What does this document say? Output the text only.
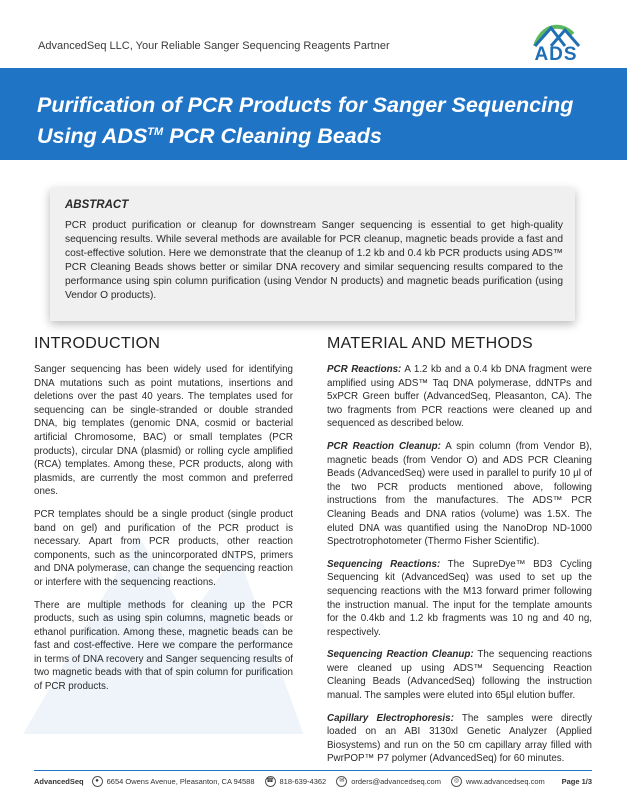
AdvancedSeq LLC, Your Reliable Sanger Sequencing Reagents Partner	ADS
Purification of PCR Products for Sanger Sequencing
Using ADS™ PCR Cleaning Beads
ABSTRACT

PCR product purification or cleanup for downstream Sanger sequencing is essential to get high-quality sequencing results. While several methods are available for PCR cleanup, magnetic beads provide a fast and cost-effective solution. Here we demonstrate that the cleanup of 1.2 kb and 0.4 kb PCR products using ADS™ PCR Cleaning Beads shows better or similar DNA recovery and similar sequencing results compared to the performance using spin column purification (using Vendor N products) and magnetic beads purification (using Vendor O products).

INTRODUCTION

Sanger sequencing has been widely used for identifying DNA mutations such as point mutations, insertions and deletions over the past 40 years. The templates used for sequencing can be single-stranded or double stranded DNA, big templates (genomic DNA, cosmid or bacterial artificial Chromosome, BAC) or small templates (PCR products), circular DNA (plasmid) or rolling cycle amplified (RCA) templates. Among these, PCR products, along with plasmids, are currently the most common and preferred ones.

PCR templates should be a single product (single product band on gel) and purification of the PCR product is necessary. Apart from PCR products, other reaction components, such as the unincorporated dNTPS, primers and DNA polymerase, can change the sequencing reaction or interfere with the sequencing reactions.

There are multiple methods for cleaning up the PCR products, such as using spin columns, magnetic beads or ethanol purification. Among these, magnetic beads can be fast and cost-effective. Here we compare the performance in terms of DNA recovery and Sanger sequencing results of two magnetic beads with that of spin column for purification of PCR products.

MATERIAL AND METHODS

PCR Reactions: A 1.2 kb and a 0.4 kb DNA fragment were amplified using ADS™ Taq DNA polymerase, ddNTPs and 5xPCR Green buffer (AdvancedSeq, Pleasanton, CA). The two fragments from PCR reactions were cleaned up and sequenced as described below.

PCR Reaction Cleanup: A spin column (from Vendor B), magnetic beads (from Vendor O) and ADS PCR Cleaning Beads (AdvancedSeq) were used in parallel to purify 10 µl of the two PCR products mentioned above, following instructions from the manufactures. The ADS™ PCR Cleaning Beads and DNA ratios (volume) was 1.5X. The eluted DNA was quantified using the NanoDrop ND-1000 Spectrotrophotometer (Thermo Fisher Scientific).

Sequencing Reactions: The SupreDye™ BD3 Cycling Sequencing kit (AdvancedSeq) was used to set up the sequencing reactions with the M13 forward primer following the instruction manual. The input for the template amounts for the 0.4kb and 1.2 kb fragments was 10 ng and 40 ng, respectively.

Sequencing Reaction Cleanup: The sequencing reactions were cleaned up using ADS™ Sequencing Reaction Cleaning Beads (AdvancedSeq) following the instruction manual. The samples were eluted into 65µl elution buffer.

Capillary Electrophoresis: The samples were directly loaded on an ABI 3130xl Genetic Analyzer (Applied Biosystems) and run on the 50 cm capillary array filled with PwrPOP™ P7 polymer (AdvancedSeq) for 60 minutes.

AdvancedSeq	●	6654 Owens Avenue, Pleasanton, CA 94588 ☎ 818-639-4362	✉ orders@advancedseq.com	◎ www.advancedseq.com Page 1/3
